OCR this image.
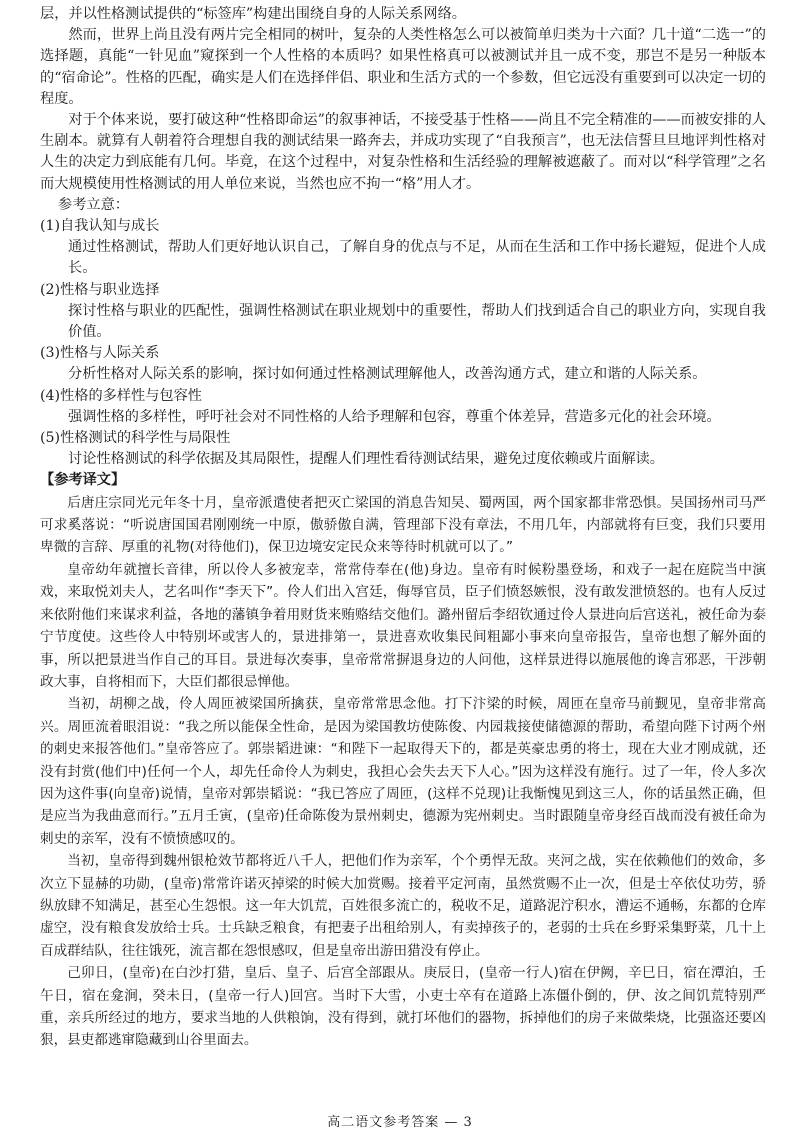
层，并以性格测试提供的“标签库”构建出围绕自身的人际关系网络。

然而，世界上尚且没有两片完全相同的树叶，复杂的人类性格怎么可以被简单归类为十六面？几十道“二选一”的选择题，真能“一针见血”窥探到一个人性格的本质吗？如果性格真可以被测试并且一成不变，那岂不是另一种版本的“宿命论”。性格的匹配，确实是人们在选择伴侣、职业和生活方式的一个参数，但它远没有重要到可以决定一切的程度。

对于个体来说，要打破这种“性格即命运”的叙事神话，不接受基于性格——尚且不完全精准的——而被安排的人生剧本。就算有人朝着符合理想自我的测试结果一路奔去，并成功实现了“自我预言”，也无法信誓旦旦地评判性格对人生的决定力到底能有几何。毕竟，在这个过程中，对复杂性格和生活经验的理解被遮蔽了。而对以“科学管理”之名而大规模使用性格测试的用人单位来说，当然也应不拘一“格”用人才。

参考立意：

(1)自我认知与成长

通过性格测试，帮助人们更好地认识自己，了解自身的优点与不足，从而在生活和工作中扬长避短，促进个人成长。

(2)性格与职业选择

探讨性格与职业的匹配性，强调性格测试在职业规划中的重要性，帮助人们找到适合自己的职业方向，实现自我价值。

(3)性格与人际关系

分析性格对人际关系的影响，探讨如何通过性格测试理解他人，改善沟通方式，建立和谐的人际关系。

(4)性格的多样性与包容性

强调性格的多样性，呼吁社会对不同性格的人给予理解和包容，尊重个体差异，营造多元化的社会环境。

(5)性格测试的科学性与局限性

讨论性格测试的科学依据及其局限性，提醒人们理性看待测试结果，避免过度依赖或片面解读。

【参考译文】

后唐庄宗同光元年冬十月，皇帝派遣使者把灭亡梁国的消息告知吴、蜀两国，两个国家都非常恐惧。吴国扬州司马严可求奚落说：“听说唐国国君刚刚统一中原，傲骄傲自满，管理部下没有章法，不用几年，内部就将有巨变，我们只要用卑微的言辞、厚重的礼物(对待他们)，保卫边境安定民众来等待时机就可以了。”

皇帝幼年就擅长音律，所以伶人多被宠幸，常常侍奉在(他)身边。皇帝有时候粉墨登场，和戏子一起在庭院当中演戏，来取悦刘夫人，艺名叫作“李天下”。伶人们出入宫廷，侮辱官员，臣子们愤怒嫉恨，没有敢发泄愤怒的。也有人反过来依附他们来谋求利益，各地的藩镇争着用财货来贿赂结交他们。潞州留后李绍钦通过伶人景进向后宫送礼，被任命为泰宁节度使。这些伶人中特别坏或害人的，景进排第一，景进喜欢收集民间粗鄙小事来向皇帝报告，皇帝也想了解外面的事，所以把景进当作自己的耳目。景进每次奏事，皇帝常常摒退身边的人问他，这样景进得以施展他的谗言邪恶，干涉朝政大事，自将相而下，大臣们都很忌惮他。

当初，胡柳之战，伶人周匝被梁国所擒获，皇帝常常思念他。打下汴梁的时候，周匝在皇帝马前觐见，皇帝非常高兴。周匝流着眼泪说：“我之所以能保全性命，是因为梁国教坊使陈俊、内园栽接使储德源的帮助，希望向陛下讨两个州的刺史来报答他们。”皇帝答应了。郭崇韬进谏：“和陛下一起取得天下的，都是英豪忠勇的将士，现在大业才刚成就，还没有封赏(他们中)任何一个人，却先任命伶人为刺史，我担心会失去天下人心。”因为这样没有施行。过了一年，伶人多次因为这件事(向皇帝)说情，皇帝对郭崇韬说：“我已答应了周匝，(这样不兑现)让我惭愧见到这三人，你的话虽然正确，但是应当为我曲意而行。”五月壬寅，(皇帝)任命陈俊为景州刺史，德源为宪州刺史。当时跟随皇帝身经百战而没有被任命为刺史的亲军，没有不愤愤感叹的。

当初，皇帝得到魏州银枪效节都将近八千人，把他们作为亲军，个个勇悍无敌。夹河之战，实在依赖他们的效命，多次立下显赫的功勋，(皇帝)常常许诺灭掉梁的时候大加赏赐。接着平定河南，虽然赏赐不止一次，但是士卒依仗功劳，骄纵放肆不知满足，甚至心生怨恨。这一年大饥荒，百姓很多流亡的，税收不足，道路泥泞积水，漕运不通畅，东都的仓库虚空，没有粮食发放给士兵。士兵缺乏粮食，有把妻子出租给别人，有卖掉孩子的，老弱的士兵在乡野采集野菜，几十上百成群结队，往往饿死，流言都在怨恨感叹，但是皇帝出游田猎没有停止。

己卯日，(皇帝)在白沙打猎，皇后、皇子、后宫全部跟从。庚辰日，(皇帝一行人)宿在伊阙，辛巳日，宿在潭泊，壬午日，宿在龛涧，癸未日，(皇帝一行人)回宫。当时下大雪，小吏士卒有在道路上冻僵仆倒的，伊、汝之间饥荒特别严重，亲兵所经过的地方，要求当地的人供粮饷，没有得到，就打坏他们的器物，拆掉他们的房子来做柴烧，比强盗还要凶狠，县吏都逃窜隐藏到山谷里面去。

高二语文参考答案 — 3
